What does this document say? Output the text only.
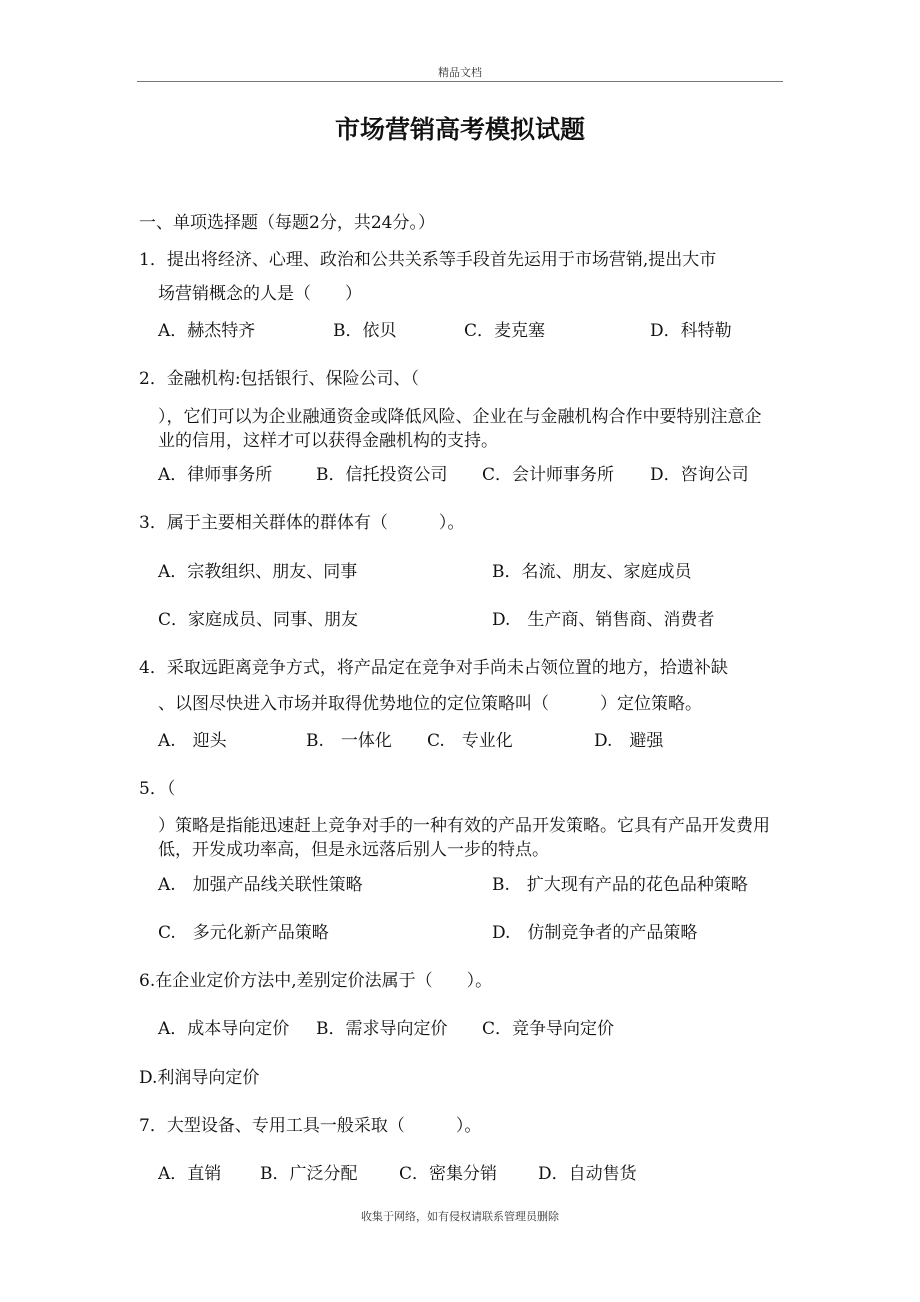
精品文档
市场营销高考模拟试题
一、单项选择题（每题2分，共24分。）
1．提出将经济、心理、政治和公共关系等手段首先运用于市场营销,提出大市
场营销概念的人是（　　）
A．赫杰特齐	B．依贝	C．麦克塞	D．科特勒
2．金融机构:包括银行、保险公司、（
），它们可以为企业融通资金或降低风险、企业在与金融机构合作中要特别注意企业的信用，这样才可以获得金融机构的支持。
A．律师事务所	B．信托投资公司 C．会计师事务所 D．咨询公司
3．属于主要相关群体的群体有（　　　）。
A．宗教组织、朋友、同事	B．名流、朋友、家庭成员
C．家庭成员、同事、朋友	D.　生产商、销售商、消费者
4．采取远距离竞争方式，将产品定在竞争对手尚未占领位置的地方，拾遗补缺
、以图尽快进入市场并取得优势地位的定位策略叫（　　　）定位策略。
A.　迎头	B.　一体化 C.　专业化	D.　避强
5．（
）策略是指能迅速赶上竞争对手的一种有效的产品开发策略。它具有产品开发费用低，开发成功率高，但是永远落后别人一步的特点。
A.　加强产品线关联性策略	B.　扩大现有产品的花色品种策略
C.　多元化新产品策略	D.　仿制竞争者的产品策略
6.在企业定价方法中,差别定价法属于（　　）。
A．成本导向定价 B．需求导向定价 C．竞争导向定价
D.利润导向定价
7．大型设备、专用工具一般采取（　　　）。
A．直销 B．广泛分配 C．密集分销 D．自动售货
收集于网络，如有侵权请联系管理员删除
